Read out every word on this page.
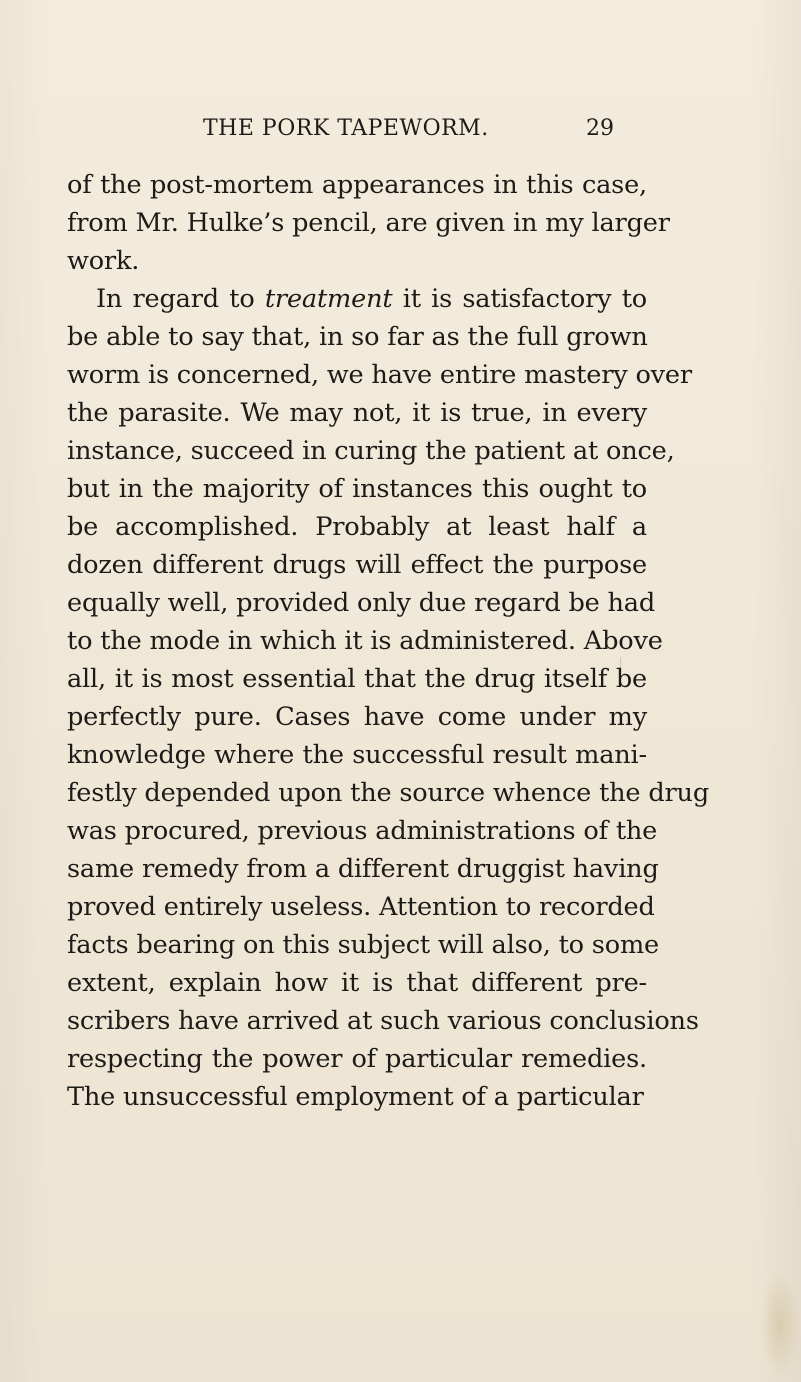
THE PORK TAPEWORM.	29
of the post-mortem appearances in this case,
from Mr. Hulke’s pencil, are given in my larger
work.
In regard to treatment it is satisfactory to
be able to say that, in so far as the full grown
worm is concerned, we have entire mastery over
the parasite. We may not, it is true, in every
instance, succeed in curing the patient at once,
but in the majority of instances this ought to
be accomplished. Probably at least half a
dozen different drugs will effect the purpose
equally well, provided only due regard be had
to the mode in which it is administered. Above
all, it is most essential that the drug itself be
perfectly pure. Cases have come under my
knowledge where the successful result mani-
festly depended upon the source whence the drug
was procured, previous administrations of the
same remedy from a different druggist having
proved entirely useless. Attention to recorded
facts bearing on this subject will also, to some
extent, explain how it is that different pre-
scribers have arrived at such various conclusions
respecting the power of particular remedies.
The unsuccessful employment of a particular
